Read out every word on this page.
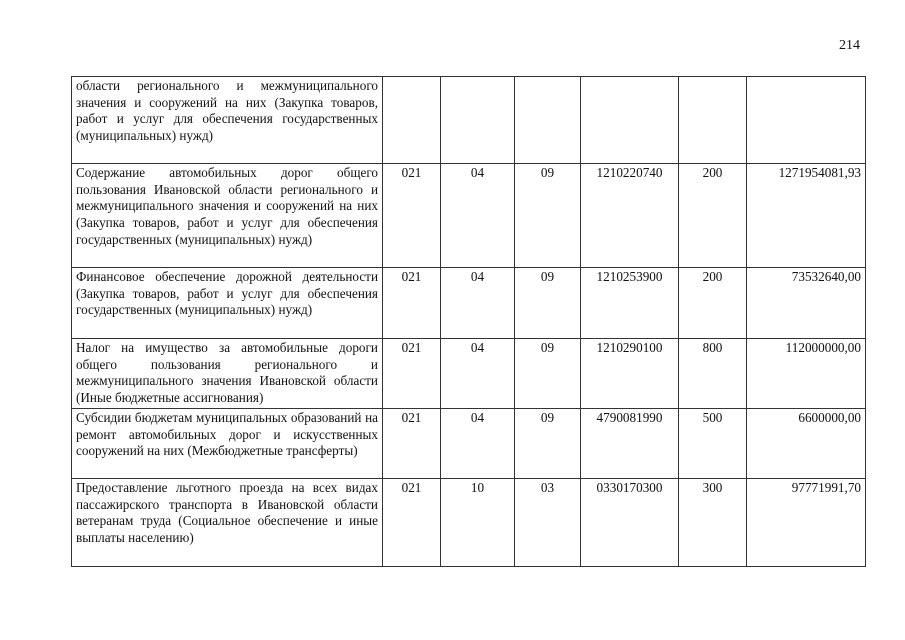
214
области регионального и межмуниципального значения и сооружений на них (Закупка товаров, работ и услуг для обеспечения государственных (муниципальных) нужд)						
Содержание автомобильных дорог общего пользования Ивановской области регионального и межмуниципального значения и сооружений на них (Закупка товаров, работ и услуг для обеспечения государственных (муниципальных) нужд)	021	04	09	1210220740	200	1271954081,93
Финансовое обеспечение дорожной деятельности (Закупка товаров, работ и услуг для обеспечения государственных (муниципальных) нужд)	021	04	09	1210253900	200	73532640,00
Налог на имущество за автомобильные дороги общего пользования регионального и межмуниципального значения Ивановской области (Иные бюджетные ассигнования)	021	04	09	1210290100	800	112000000,00
Субсидии бюджетам муниципальных образований на ремонт автомобильных дорог и искусственных сооружений на них (Межбюджетные трансферты)	021	04	09	4790081990	500	6600000,00
Предоставление льготного проезда на всех видах пассажирского транспорта в Ивановской области ветеранам труда (Социальное обеспечение и иные выплаты населению)	021	10	03	0330170300	300	97771991,70
